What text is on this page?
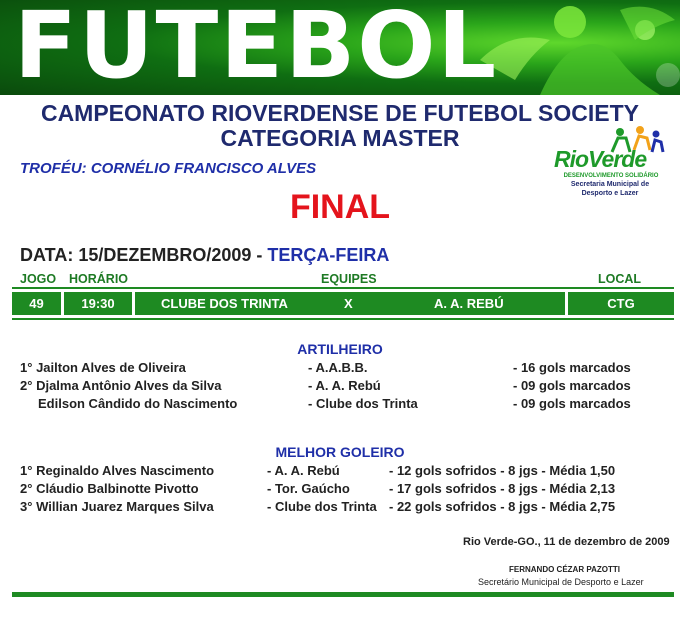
FUTEBOL
CAMPEONATO RIOVERDENSE DE FUTEBOL SOCIETY
CATEGORIA MASTER
TROFÉU: CORNÉLIO FRANCISCO ALVES	RioVerde
DESENVOLVIMENTO SOLIDÁRIO
Secretaria Municipal de
Desporto e Lazer
FINAL
DATA: 15/DEZEMBRO/2009 - TERÇA-FEIRA
JOGO HORÁRIO	EQUIPES	LOCAL
49	19:30	CLUBE DOS TRINTA	X	A. A. REBÚ	CTG
ARTILHEIRO
1° Jailton Alves de Oliveira	- A.A.B.B.	- 16 gols marcados
2° Djalma Antônio Alves da Silva	- A. A. Rebú	- 09 gols marcados
Edilson Cândido do Nascimento	- Clube dos Trinta	- 09 gols marcados
MELHOR GOLEIRO
1° Reginaldo Alves Nascimento	- A. A. Rebú	- 12 gols sofridos - 8 jgs - Média 1,50
2° Cláudio Balbinotte Pivotto	- Tor. Gaúcho	- 17 gols sofridos - 8 jgs - Média 2,13
3° Willian Juarez Marques Silva	- Clube dos Trinta - 22 gols sofridos - 8 jgs - Média 2,75
Rio Verde-GO., 11 de dezembro de 2009
FERNANDO CÉZAR PAZOTTI
Secretário Municipal de Desporto e Lazer
